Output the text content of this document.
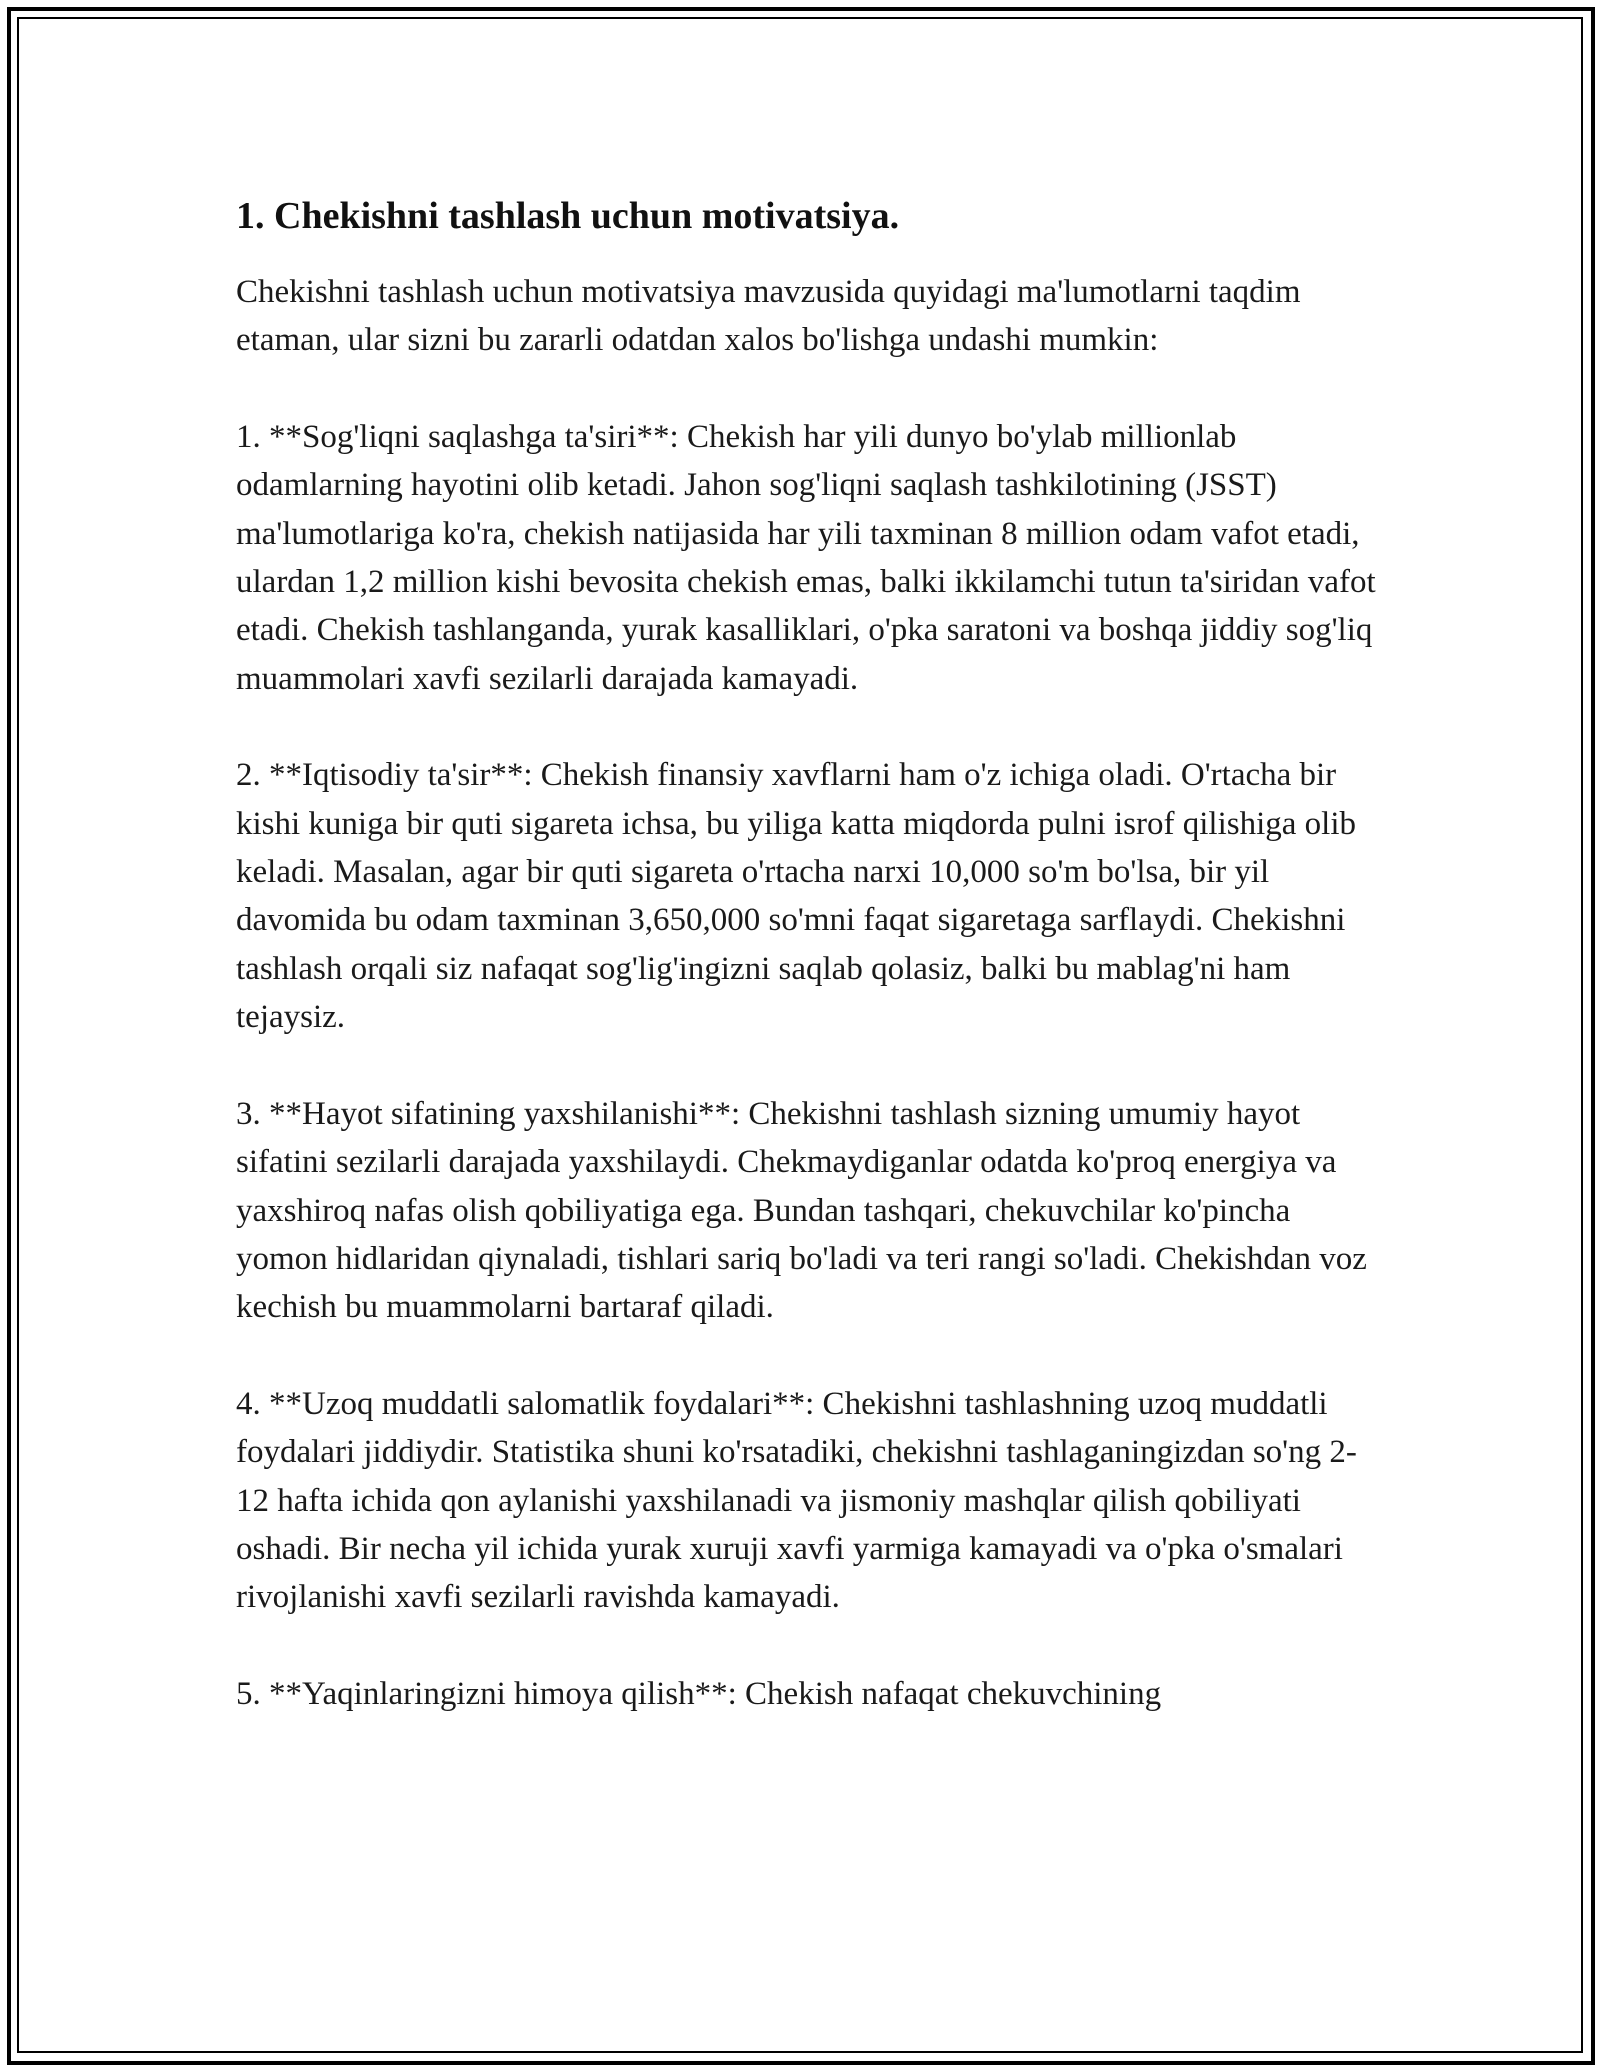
1. Chekishni tashlash uchun motivatsiya.

Chekishni tashlash uchun motivatsiya mavzusida quyidagi ma'lumotlarni taqdim etaman, ular sizni bu zararli odatdan xalos bo'lishga undashi mumkin:

1. **Sog'liqni saqlashga ta'siri**: Chekish har yili dunyo bo'ylab millionlab odamlarning hayotini olib ketadi. Jahon sog'liqni saqlash tashkilotining (JSST) ma'lumotlariga ko'ra, chekish natijasida har yili taxminan 8 million odam vafot etadi, ulardan 1,2 million kishi bevosita chekish emas, balki ikkilamchi tutun ta'siridan vafot etadi. Chekish tashlanganda, yurak kasalliklari, o'pka saratoni va boshqa jiddiy sog'liq muammolari xavfi sezilarli darajada kamayadi.

2. **Iqtisodiy ta'sir**: Chekish finansiy xavflarni ham o'z ichiga oladi. O'rtacha bir kishi kuniga bir quti sigareta ichsa, bu yiliga katta miqdorda pulni isrof qilishiga olib keladi. Masalan, agar bir quti sigareta o'rtacha narxi 10,000 so'm bo'lsa, bir yil davomida bu odam taxminan 3,650,000 so'mni faqat sigaretaga sarflaydi. Chekishni tashlash orqali siz nafaqat sog'lig'ingizni saqlab qolasiz, balki bu mablag'ni ham tejaysiz.

3. **Hayot sifatining yaxshilanishi**: Chekishni tashlash sizning umumiy hayot sifatini sezilarli darajada yaxshilaydi. Chekmaydiganlar odatda ko'proq energiya va yaxshiroq nafas olish qobiliyatiga ega. Bundan tashqari, chekuvchilar ko'pincha yomon hidlaridan qiynaladi, tishlari sariq bo'ladi va teri rangi so'ladi. Chekishdan voz kechish bu muammolarni bartaraf qiladi.

4. **Uzoq muddatli salomatlik foydalari**: Chekishni tashlashning uzoq muddatli foydalari jiddiydir. Statistika shuni ko'rsatadiki, chekishni tashlaganingizdan so'ng 2-12 hafta ichida qon aylanishi yaxshilanadi va jismoniy mashqlar qilish qobiliyati oshadi. Bir necha yil ichida yurak xuruji xavfi yarmiga kamayadi va o'pka o'smalari rivojlanishi xavfi sezilarli ravishda kamayadi.

5. **Yaqinlaringizni himoya qilish**: Chekish nafaqat chekuvchining
